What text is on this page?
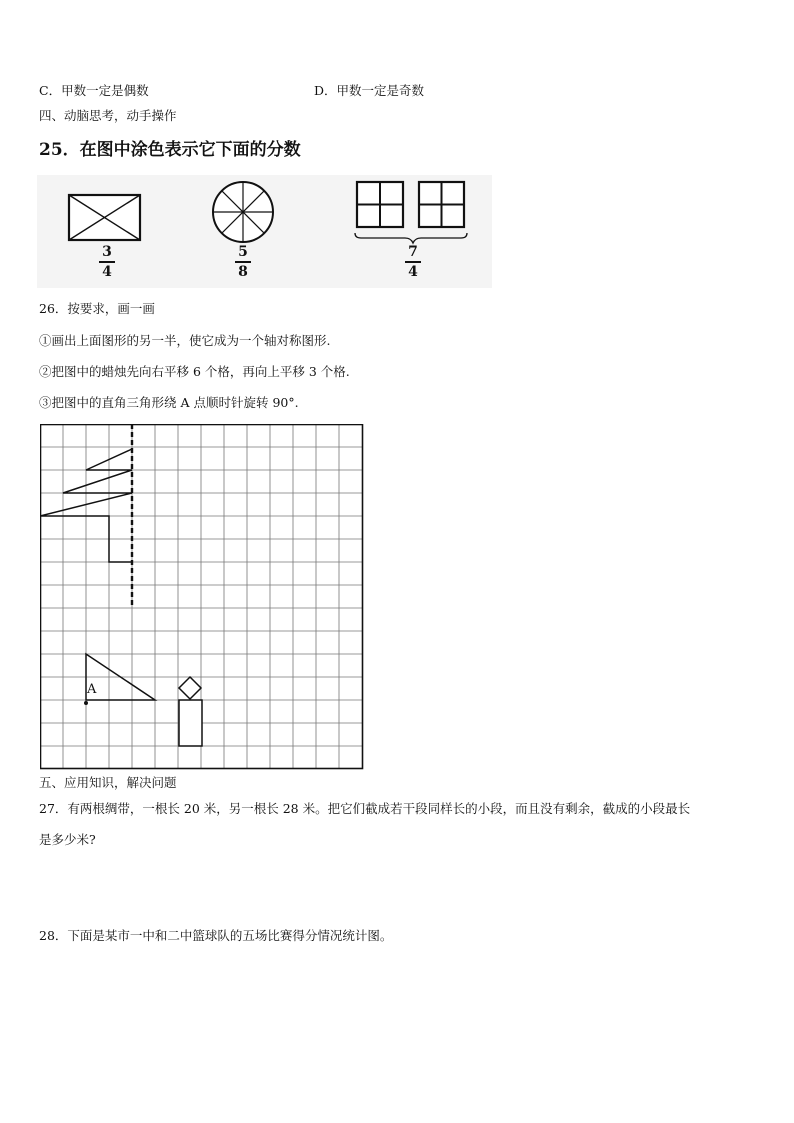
C．甲数一定是偶数	D．甲数一定是奇数
四、动脑思考，动手操作
25．在图中涂色表示它下面的分数
3
4
5
8
7
4
26．按要求，画一画
①画出上面图形的另一半，使它成为一个轴对称图形.
②把图中的蜡烛先向右平移 6 个格，再向上平移 3 个格.
③把图中的直角三角形绕 A 点顺时针旋转 90°.
A
五、应用知识，解决问题
27．有两根绸带，一根长 20 米，另一根长 28 米。把它们截成若干段同样长的小段，而且没有剩余，截成的小段最长
是多少米?
28．下面是某市一中和二中篮球队的五场比赛得分情况统计图。
